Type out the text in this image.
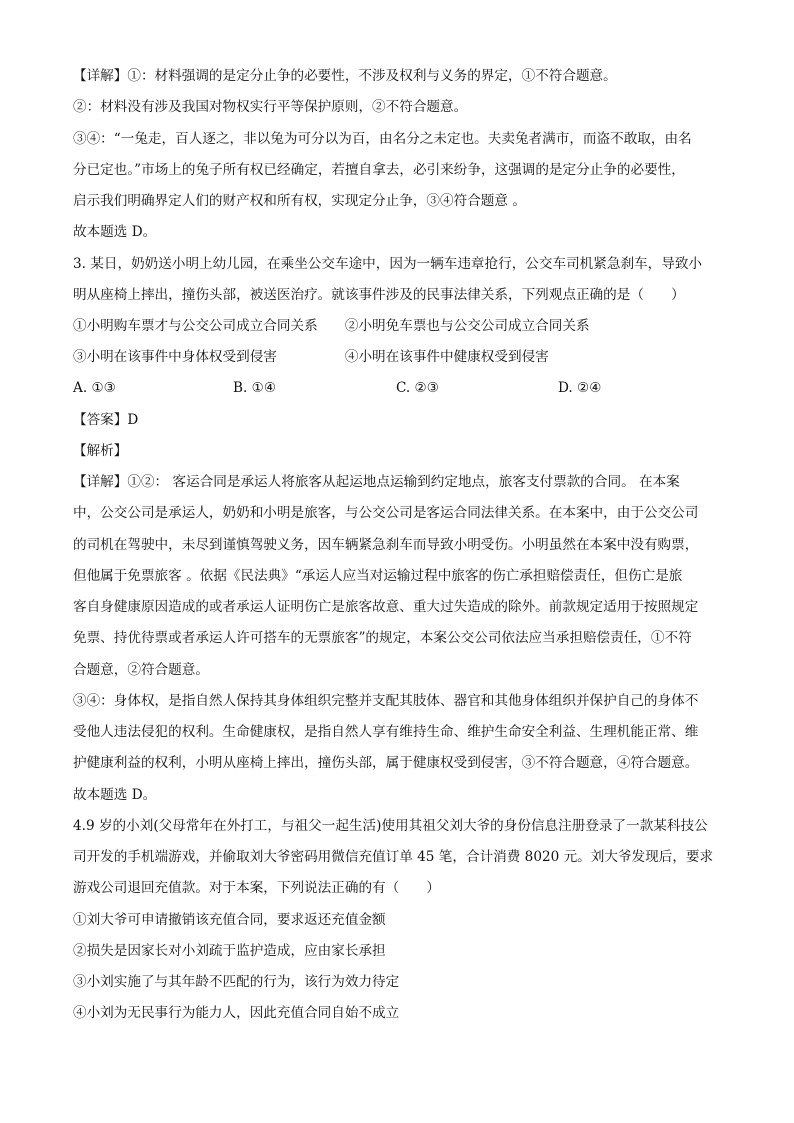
【详解】①：材料强调的是定分止争的必要性，不涉及权利与义务的界定，①不符合题意。
②：材料没有涉及我国对物权实行平等保护原则，②不符合题意。
③④：“一兔走，百人逐之，非以兔为可分以为百，由名分之未定也。夫卖兔者满市，而盗不敢取，由名
分已定也。”市场上的兔子所有权已经确定，若擅自拿去，必引来纷争，这强调的是定分止争的必要性，
启示我们明确界定人们的财产权和所有权，实现定分止争，③④符合题意 。
故本题选 D。
3. 某日，奶奶送小明上幼儿园，在乘坐公交车途中，因为一辆车违章抢行，公交车司机紧急刹车，导致小
明从座椅上摔出，撞伤头部，被送医治疗。就该事件涉及的民事法律关系，下列观点正确的是（　　）
①小明购车票才与公交公司成立合同关系　　②小明免车票也与公交公司成立合同关系
③小明在该事件中身体权受到侵害　　　　　④小明在该事件中健康权受到侵害
A. ①③	B. ①④	C. ②③	D. ②④
【答案】D
【解析】
【详解】①②： 客运合同是承运人将旅客从起运地点运输到约定地点，旅客支付票款的合同。 在本案
中，公交公司是承运人，奶奶和小明是旅客，与公交公司是客运合同法律关系。在本案中，由于公交公司
的司机在驾驶中，未尽到谨慎驾驶义务，因车辆紧急刹车而导致小明受伤。小明虽然在本案中没有购票，
但他属于免票旅客 。依据《民法典》“承运人应当对运输过程中旅客的伤亡承担赔偿责任，但伤亡是旅
客自身健康原因造成的或者承运人证明伤亡是旅客故意、重大过失造成的除外。前款规定适用于按照规定
免票、持优待票或者承运人许可搭车的无票旅客”的规定，本案公交公司依法应当承担赔偿责任，①不符
合题意，②符合题意。
③④：身体权，是指自然人保持其身体组织完整并支配其肢体、器官和其他身体组织并保护自己的身体不
受他人违法侵犯的权利。生命健康权，是指自然人享有维持生命、维护生命安全利益、生理机能正常、维
护健康利益的权利，小明从座椅上摔出，撞伤头部，属于健康权受到侵害，③不符合题意，④符合题意。
故本题选 D。
4.9 岁的小刘(父母常年在外打工，与祖父一起生活)使用其祖父刘大爷的身份信息注册登录了一款某科技公
司开发的手机端游戏，并偷取刘大爷密码用微信充值订单 45 笔，合计消费 8020 元。刘大爷发现后，要求
游戏公司退回充值款。对于本案，下列说法正确的有（　　）
①刘大爷可申请撤销该充值合同，要求返还充值金额
②损失是因家长对小刘疏于监护造成，应由家长承担
③小刘实施了与其年龄不匹配的行为，该行为效力待定
④小刘为无民事行为能力人，因此充值合同自始不成立
